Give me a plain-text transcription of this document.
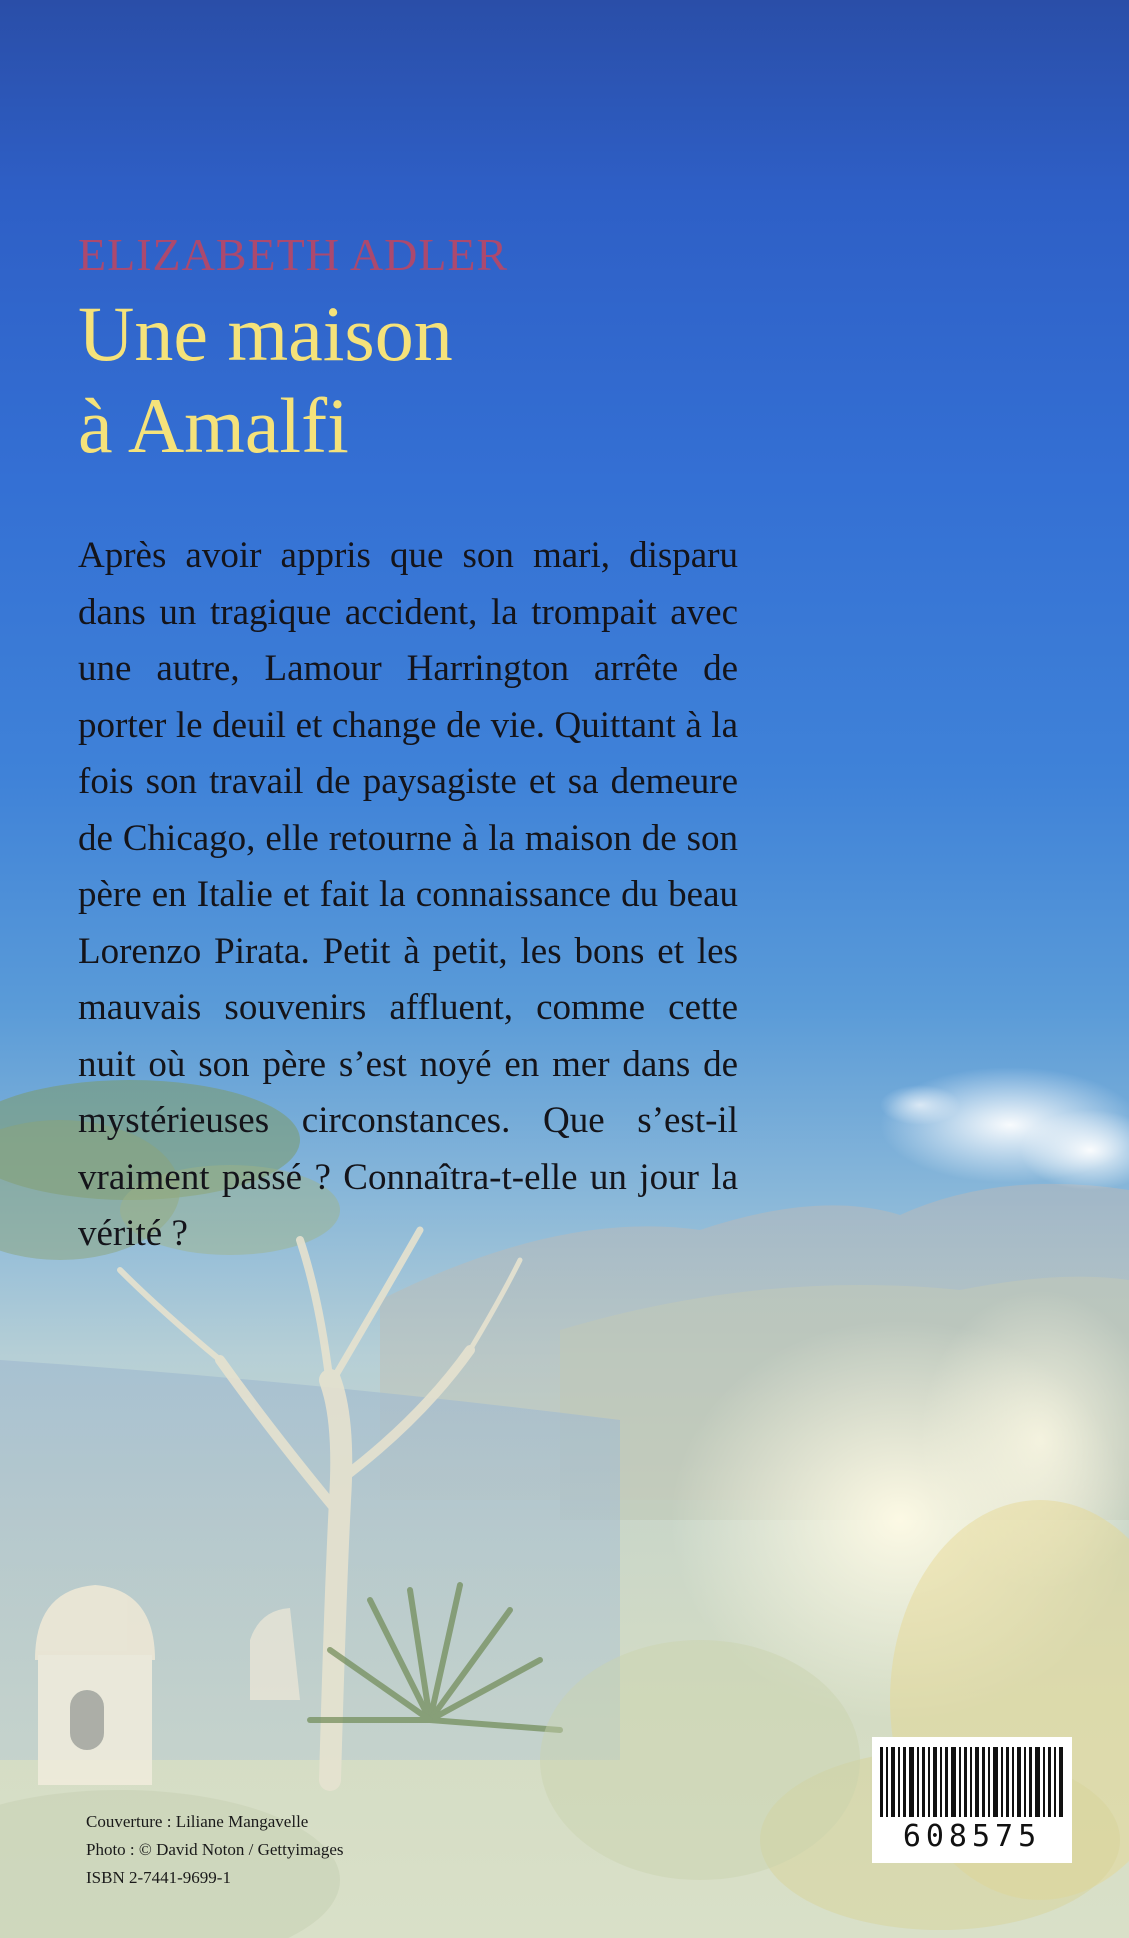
ELIZABETH ADLER
Une maison
à Amalfi

Après avoir appris que son mari, disparu dans un tragique accident, la trompait avec une autre, Lamour Harrington arrête de porter le deuil et change de vie. Quittant à la fois son travail de paysagiste et sa demeure de Chicago, elle retourne à la maison de son père en Italie et fait la connaissance du beau Lorenzo Pirata. Petit à petit, les bons et les mauvais souvenirs affluent, comme cette nuit où son père s’est noyé en mer dans de mystérieuses circonstances. Que s’est-il vraiment passé ? Connaîtra-t-elle un jour la vérité ?

Couverture : Liliane Mangavelle
Photo : © David Noton / Gettyimages
ISBN 2-7441-9699-1
608575
